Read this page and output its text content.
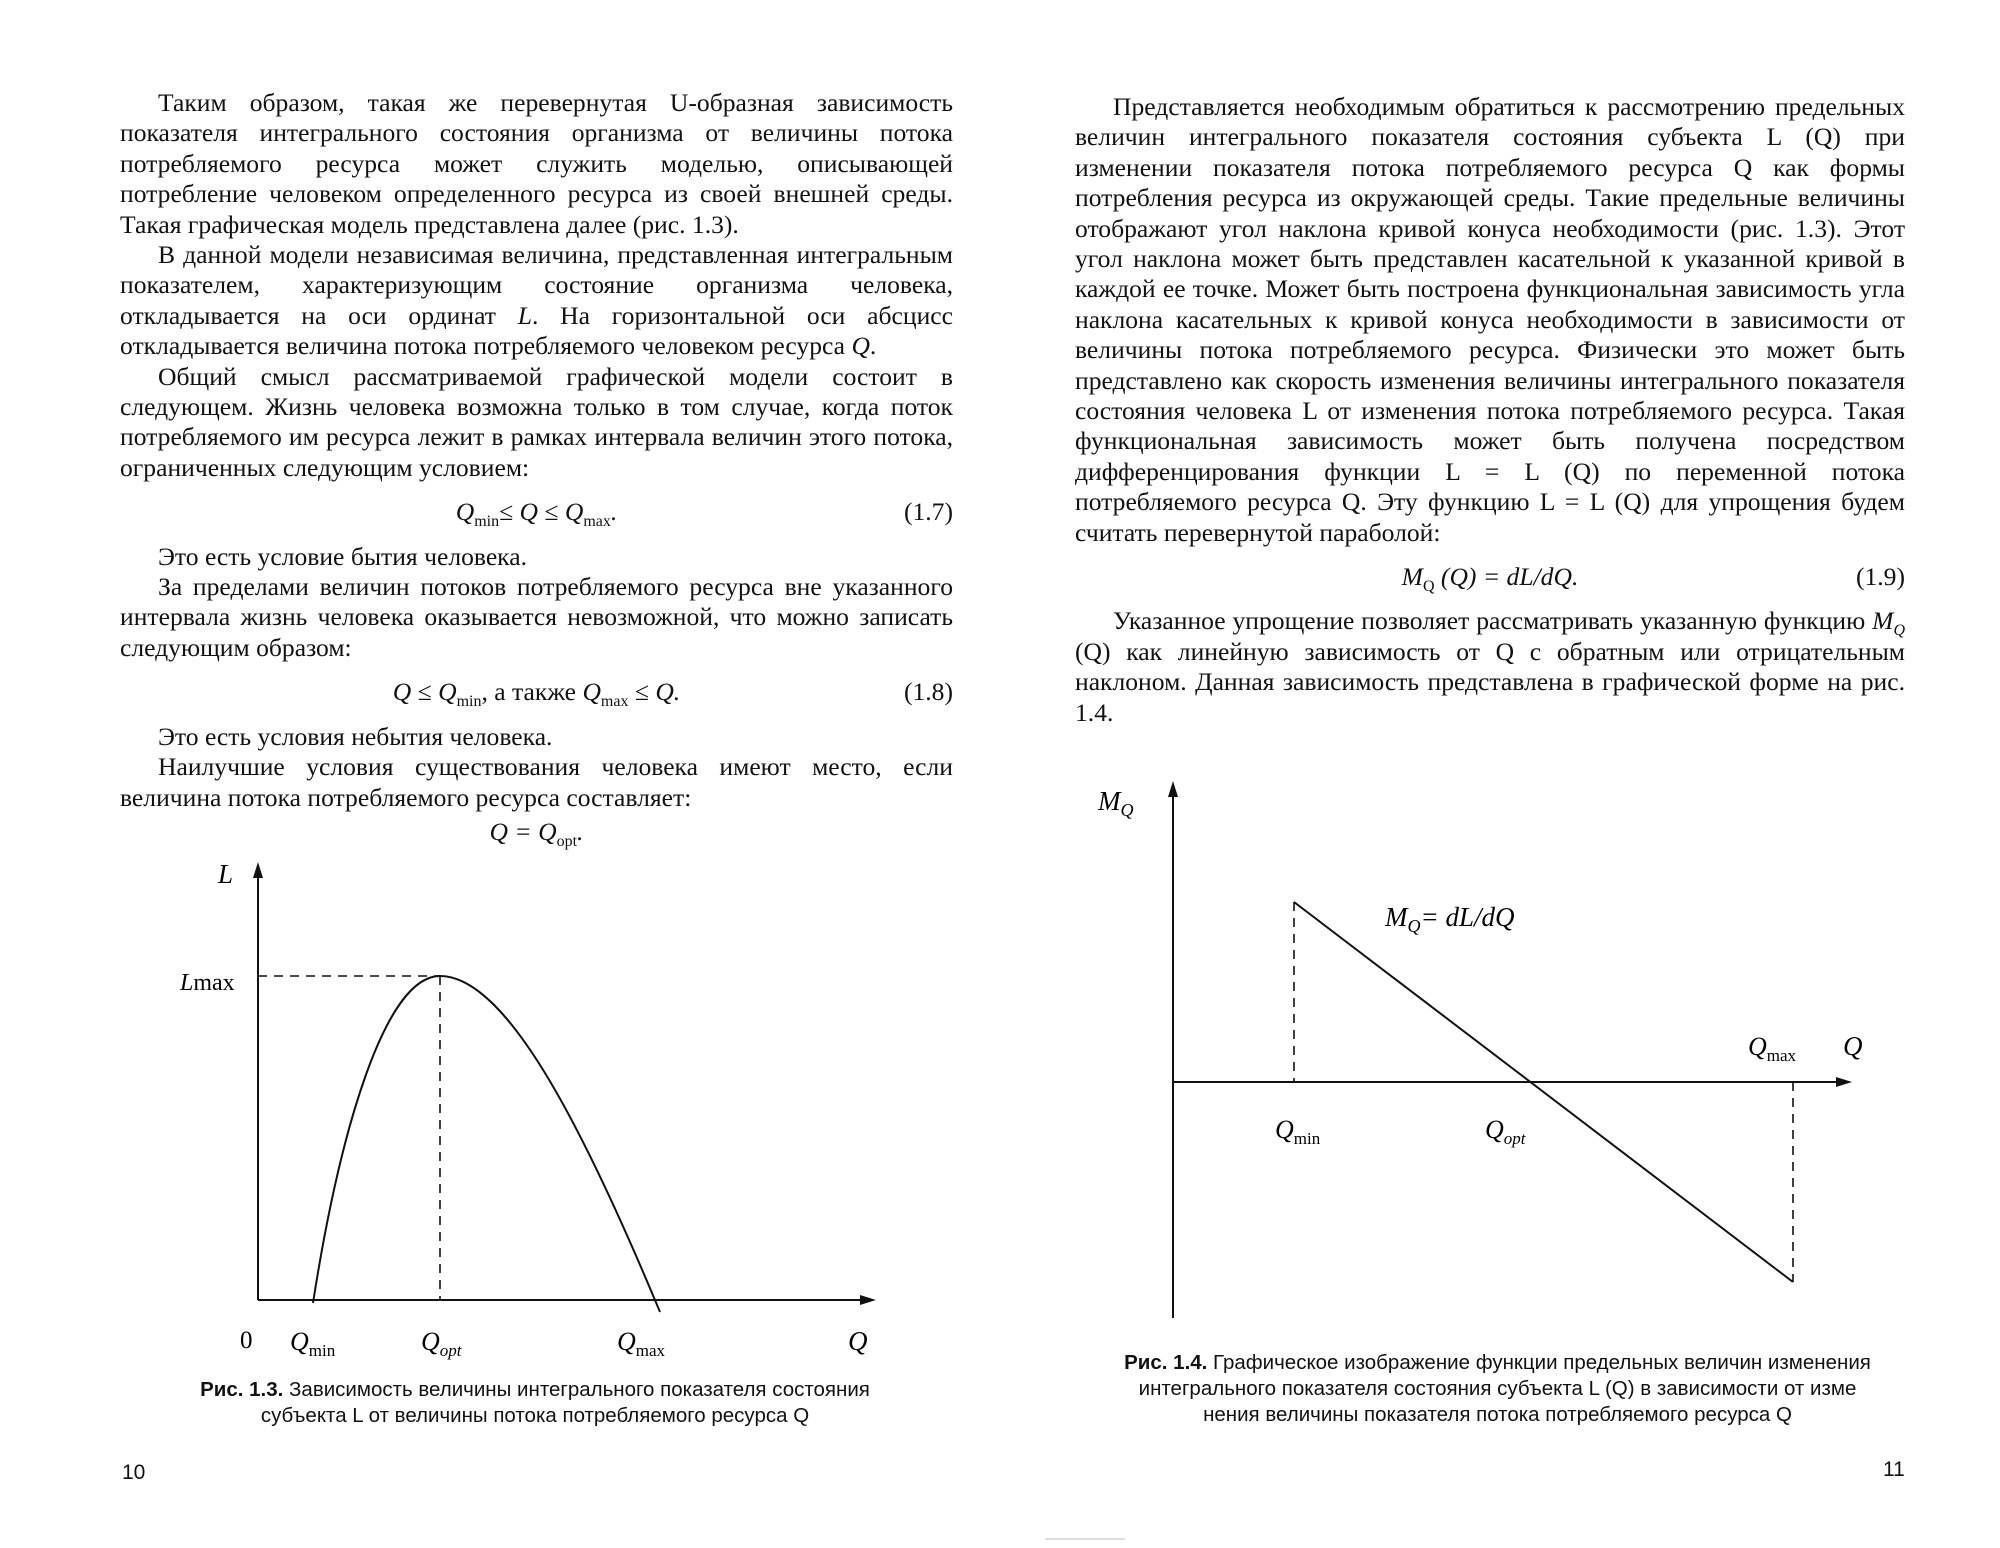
Таким образом, такая же перевернутая U-образная зависимость показателя интегрального состояния организма от величины потока потребляемого ресурса может служить моделью, описывающей потребление человеком определенного ресурса из своей внешней среды. Такая графическая модель представлена далее (рис. 1.3).

В данной модели независимая величина, представленная интегральным показателем, характеризующим состояние организма человека, откладывается на оси ординат L. На горизонтальной оси абсцисс откладывается величина потока потребляемого человеком ресурса Q.

Общий смысл рассматриваемой графической модели состоит в следующем. Жизнь человека возможна только в том случае, когда поток потребляемого им ресурса лежит в рамках интервала величин этого потока, ограниченных следующим условием:

$Q_{min}\le Q \le Q_{max}$.	(1.7)

Это есть условие бытия человека.

За пределами величин потоков потребляемого ресурса вне указанного интервала жизнь человека оказывается невозможной, что можно записать следующим образом:

$Q \le Q_{min}$, а также $Q_{max} \le Q$.	(1.8)

Это есть условия небытия человека.

Наилучшие условия существования человека имеют место, если величина потока потребляемого ресурса составляет:

$Q = Q_{opt}$.
L
Lmax
0 $Q_{min}$	$Q_{opt}$	$Q_{max}$	Q
Рис. 1.3. Зависимость величины интегрального показателя состояния
субъекта L от величины потока потребляемого ресурса Q
10

Представляется необходимым обратиться к рассмотрению предельных величин интегрального показателя состояния субъекта L (Q) при изменении показателя потока потребляемого ресурса Q как формы потребления ресурса из окружающей среды. Такие предельные величины отображают угол наклона кривой конуса необходимости (рис. 1.3). Этот угол наклона может быть представлен касательной к указанной кривой в каждой ее точке. Может быть построена функциональная зависимость угла наклона касательных к кривой конуса необходимости в зависимости от величины потока потребляемого ресурса. Физически это может быть представлено как скорость изменения величины интегрального показателя состояния человека L от изменения потока потребляемого ресурса. Такая функциональная зависимость может быть получена посредством дифференцирования функции L = L (Q) по переменной потока потребляемого ресурса Q. Эту функцию L = L (Q) для упрощения будем считать перевернутой параболой:

$M_Q$ (Q) = dL/dQ.	(1.9)

Указанное упрощение позволяет рассматривать указанную функцию $M_Q$ (Q) как линейную зависимость от Q с обратным или отрицательным наклоном. Данная зависимость представлена в графической форме на рис. 1.4.

$M_Q$
$M_Q= dL/dQ$
$Q_{max}$ Q
$Q_{min}$	$Q_{opt}$
Рис. 1.4. Графическое изображение функции предельных величин изменения
интегрального показателя состояния субъекта L (Q) в зависимости от изме
нения величины показателя потока потребляемого ресурса Q
11
